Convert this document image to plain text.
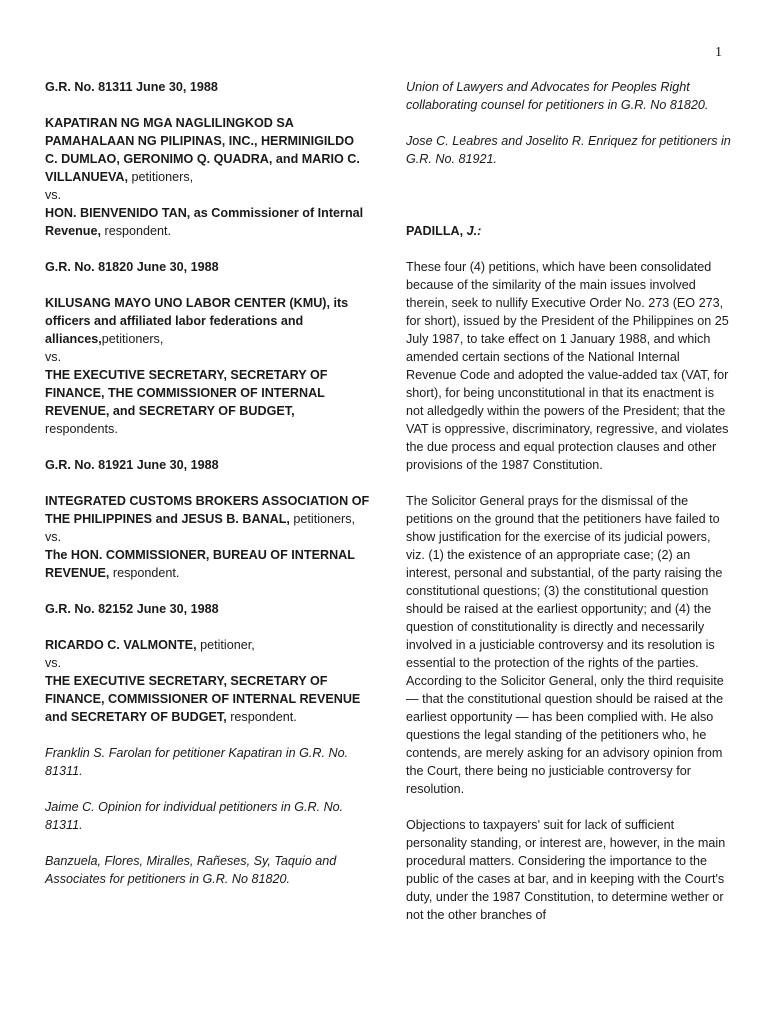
1

G.R. No. 81311 June 30, 1988

KAPATIRAN NG MGA NAGLILINGKOD SA PAMAHALAAN NG PILIPINAS, INC., HERMINIGILDO C. DUMLAO, GERONIMO Q. QUADRA, and MARIO C. VILLANUEVA, petitioners,
vs.
HON. BIENVENIDO TAN, as Commissioner of Internal Revenue, respondent.

G.R. No. 81820 June 30, 1988

KILUSANG MAYO UNO LABOR CENTER (KMU), its officers and affiliated labor federations and alliances,petitioners,
vs.
THE EXECUTIVE SECRETARY, SECRETARY OF FINANCE, THE COMMISSIONER OF INTERNAL REVENUE, and SECRETARY OF BUDGET, respondents.

G.R. No. 81921 June 30, 1988

INTEGRATED CUSTOMS BROKERS ASSOCIATION OF THE PHILIPPINES and JESUS B. BANAL, petitioners,
vs.
The HON. COMMISSIONER, BUREAU OF INTERNAL REVENUE, respondent.

G.R. No. 82152 June 30, 1988

RICARDO C. VALMONTE, petitioner,
vs.
THE EXECUTIVE SECRETARY, SECRETARY OF FINANCE, COMMISSIONER OF INTERNAL REVENUE and SECRETARY OF BUDGET, respondent.

Franklin S. Farolan for petitioner Kapatiran in G.R. No. 81311.

Jaime C. Opinion for individual petitioners in G.R. No. 81311.

Banzuela, Flores, Miralles, Rañeses, Sy, Taquio and Associates for petitioners in G.R. No 81820.

Union of Lawyers and Advocates for Peoples Right collaborating counsel for petitioners in G.R. No 81820.

Jose C. Leabres and Joselito R. Enriquez for petitioners in G.R. No. 81921.

PADILLA, J.:

These four (4) petitions, which have been consolidated because of the similarity of the main issues involved therein, seek to nullify Executive Order No. 273 (EO 273, for short), issued by the President of the Philippines on 25 July 1987, to take effect on 1 January 1988, and which amended certain sections of the National Internal Revenue Code and adopted the value-added tax (VAT, for short), for being unconstitutional in that its enactment is not alledgedly within the powers of the President; that the VAT is oppressive, discriminatory, regressive, and violates the due process and equal protection clauses and other provisions of the 1987 Constitution.

The Solicitor General prays for the dismissal of the petitions on the ground that the petitioners have failed to show justification for the exercise of its judicial powers, viz. (1) the existence of an appropriate case; (2) an interest, personal and substantial, of the party raising the constitutional questions; (3) the constitutional question should be raised at the earliest opportunity; and (4) the question of constitutionality is directly and necessarily involved in a justiciable controversy and its resolution is essential to the protection of the rights of the parties. According to the Solicitor General, only the third requisite — that the constitutional question should be raised at the earliest opportunity — has been complied with. He also questions the legal standing of the petitioners who, he contends, are merely asking for an advisory opinion from the Court, there being no justiciable controversy for resolution.

Objections to taxpayers' suit for lack of sufficient personality standing, or interest are, however, in the main procedural matters. Considering the importance to the public of the cases at bar, and in keeping with the Court's duty, under the 1987 Constitution, to determine wether or not the other branches of
